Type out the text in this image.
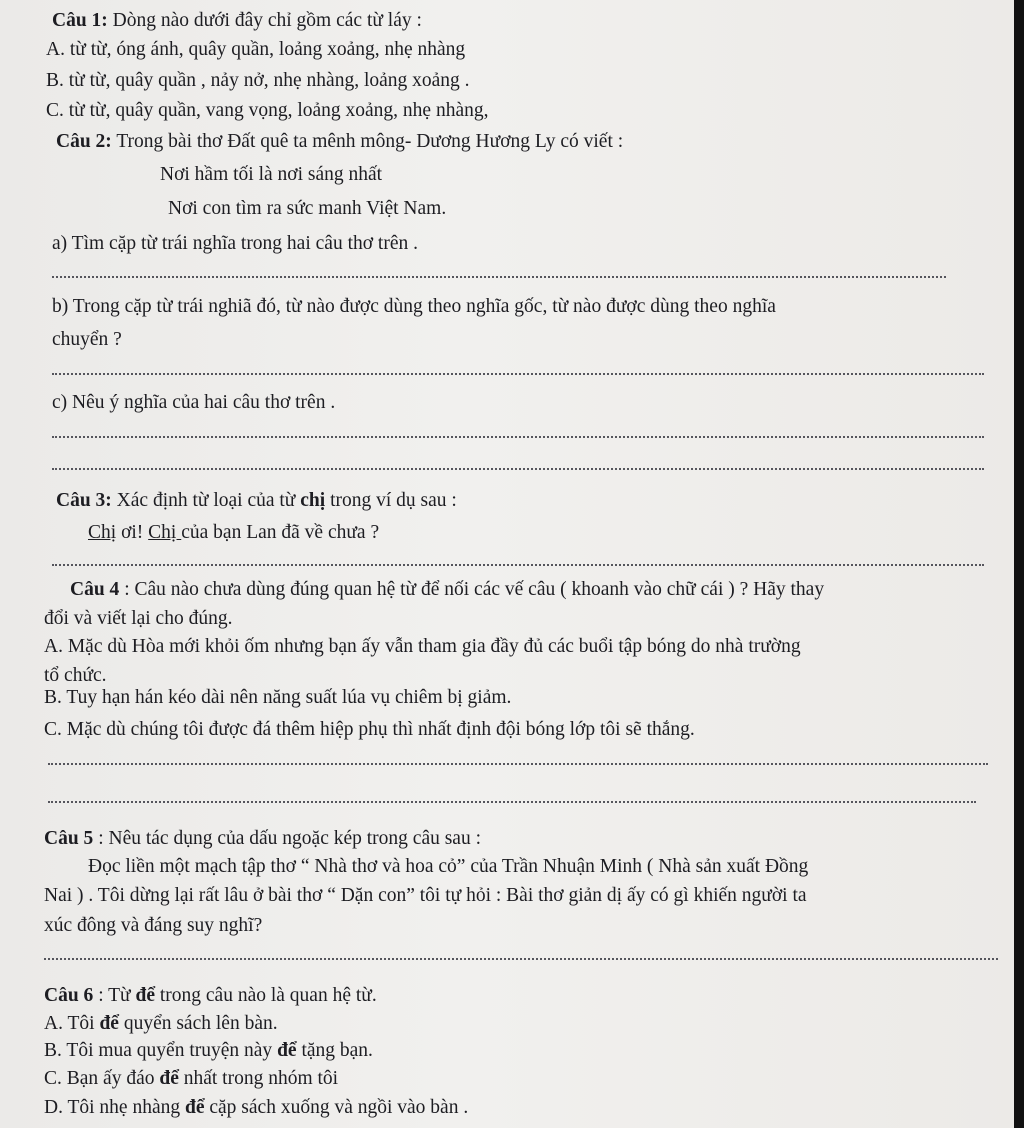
Câu 1: Dòng nào dưới đây chỉ gồm các từ láy :
A. từ từ, óng ánh, quây quần, loảng xoảng, nhẹ nhàng
B. từ từ, quây quần , nảy nở, nhẹ nhàng, loảng xoảng .
C. từ từ, quây quần, vang vọng, loảng xoảng, nhẹ nhàng,
Câu 2: Trong bài thơ Đất quê ta mênh mông- Dương Hương Ly có viết :
Nơi hầm tối là nơi sáng nhất
Nơi con tìm ra sức manh Việt Nam.
a) Tìm cặp từ trái nghĩa trong hai câu thơ trên .
b) Trong cặp từ trái nghiã đó, từ nào được dùng theo nghĩa gốc, từ nào được dùng theo nghĩa
chuyển ?
c) Nêu ý nghĩa của hai câu thơ trên .
Câu 3: Xác định từ loại của từ chị trong ví dụ sau :
Chị ơi! Chị của bạn Lan đã về chưa ?
Câu 4 : Câu nào chưa dùng đúng quan hệ từ để nối các vế câu ( khoanh vào chữ cái ) ? Hãy thay
đổi và viết lại cho đúng.
A. Mặc dù Hòa mới khỏi ốm nhưng bạn ấy vẫn tham gia đầy đủ các buổi tập bóng do nhà trường
tổ chức.
B. Tuy hạn hán kéo dài nên năng suất lúa vụ chiêm bị giảm.
C. Mặc dù chúng tôi được đá thêm hiệp phụ thì nhất định đội bóng lớp tôi sẽ thắng.
Câu 5 : Nêu tác dụng của dấu ngoặc kép trong câu sau :
Đọc liền một mạch tập thơ “ Nhà thơ và hoa cỏ” của Trần Nhuận Minh ( Nhà sản xuất Đồng
Nai ) . Tôi dừng lại rất lâu ở bài thơ “ Dặn con” tôi tự hỏi : Bài thơ giản dị ấy có gì khiến người ta
xúc đông và đáng suy nghĩ?
Câu 6 : Từ để trong câu nào là quan hệ từ.
A. Tôi để quyển sách lên bàn.
B. Tôi mua quyển truyện này để tặng bạn.
C. Bạn ấy đáo để nhất trong nhóm tôi
D. Tôi nhẹ nhàng để cặp sách xuống và ngồi vào bàn .
